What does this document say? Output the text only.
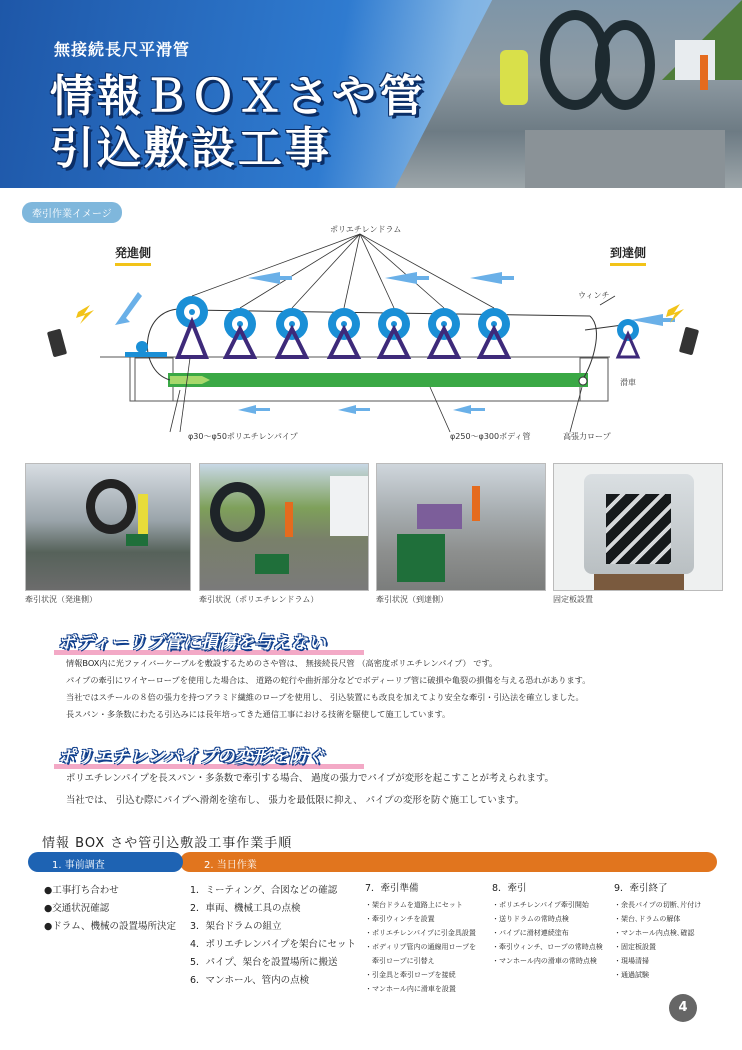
無接続長尺平滑管
情報ＢＯＸさや管
引込敷設工事
牽引作業イメージ
発進側	到達側
ポリエチレンドラム
ウィンチ
滑車
φ30～φ50ポリエチレンパイプ	φ250～φ300ボディ管	高張力ロープ
牽引状況（発進側）	牽引状況（ポリエチレンドラム）	牽引状況（到達側）	固定板設置
ボディーリブ管に損傷を与えない
情報BOX内に光ファイバーケーブルを敷設するためのさや管は、 無接続長尺管 （高密度ポリエチレンパイプ） です。
パイプの牽引にワイヤーロープを使用した場合は、 道路の蛇行や曲折部分などでボディーリブ管に破損や亀裂の損傷を与える恐れがあります。
当社ではスチールの８倍の張力を持つアラミド繊維のロープを使用し、 引込装置にも改良を加えてより安全な牽引・引込法を確立しました。
長スパン・多条数にわたる引込みには長年培ってきた通信工事における技術を駆使して施工しています。
ポリエチレンパイプの変形を防ぐ
ポリエチレンパイプを長スパン・多条数で牽引する場合、 過度の張力でパイプが変形を起こすことが考えられます。
当社では、 引込む際にパイプへ滑剤を塗布し、 張力を最低限に抑え、 パイプの変形を防ぐ施工しています。
情報 BOX さや管引込敷設工事作業手順
2. 当日作業
1. 事前調査
●工事打ち合わせ
●交通状況確認
●ドラム、機械の設置場所決定
1．ミーティング、合図などの確認
2．車両、機械工具の点検
3．架台ドラムの組立
4．ポリエチレンパイプを架台にセット
5．パイプ、架台を設置場所に搬送
6．マンホール、管内の点検
7．牽引準備
・架台ドラムを道路上にセット
・牽引ウィンチを設置
・ポリエチレンパイプに引金具設置
・ボディリブ管内の通線用ロープを
　牽引ロープに引替え
・引金具と牽引ロープを接続
・マンホール内に滑車を設置
8．牽引
・ポリエチレンパイプ牽引開始
・送りドラムの常時点検
・パイプに滑材連続塗布
・牽引ウィンチ、ロープの常時点検
・マンホール内の滑車の常時点検
9．牽引終了
・余長パイプの切断､片付け
・架台､ドラムの解体
・マンホール内点検､確認
・固定板設置
・現場清掃
・通過試験
4
